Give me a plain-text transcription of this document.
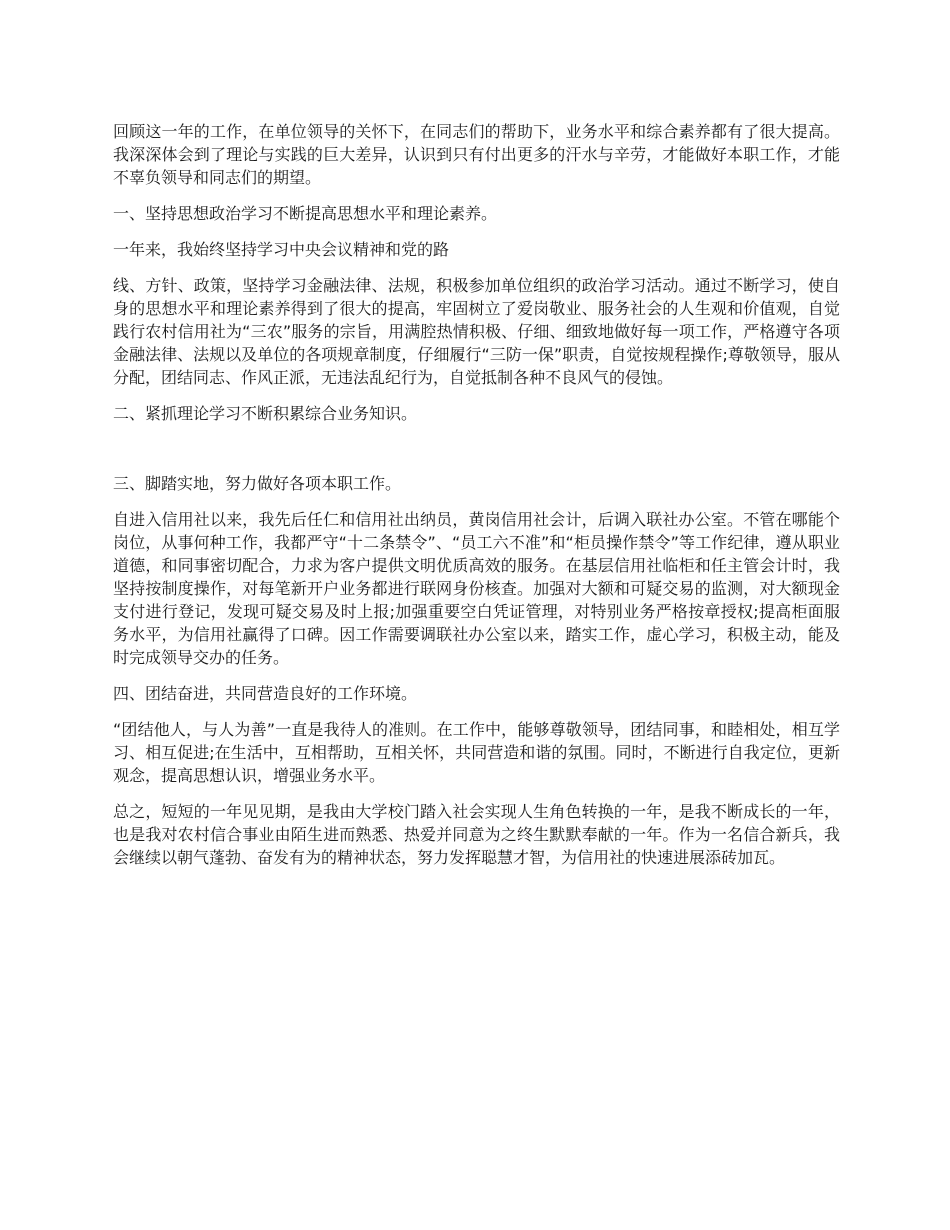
回顾这一年的工作，在单位领导的关怀下，在同志们的帮助下，业务水平和综合素养都有了很大提高。我深深体会到了理论与实践的巨大差异，认识到只有付出更多的汗水与辛劳，才能做好本职工作，才能不辜负领导和同志们的期望。

一、坚持思想政治学习不断提高思想水平和理论素养。

一年来，我始终坚持学习中央会议精神和党的路

线、方针、政策，坚持学习金融法律、法规，积极参加单位组织的政治学习活动。通过不断学习，使自身的思想水平和理论素养得到了很大的提高，牢固树立了爱岗敬业、服务社会的人生观和价值观，自觉践行农村信用社为“三农”服务的宗旨，用满腔热情积极、仔细、细致地做好每一项工作，严格遵守各项金融法律、法规以及单位的各项规章制度，仔细履行“三防一保”职责，自觉按规程操作;尊敬领导，服从分配，团结同志、作风正派，无违法乱纪行为，自觉抵制各种不良风气的侵蚀。

二、紧抓理论学习不断积累综合业务知识。

三、脚踏实地，努力做好各项本职工作。

自进入信用社以来，我先后任仁和信用社出纳员，黄岗信用社会计，后调入联社办公室。不管在哪能个岗位，从事何种工作，我都严守“十二条禁令”、“员工六不准”和“柜员操作禁令”等工作纪律，遵从职业道德，和同事密切配合，力求为客户提供文明优质高效的服务。在基层信用社临柜和任主管会计时，我坚持按制度操作，对每笔新开户业务都进行联网身份核查。加强对大额和可疑交易的监测，对大额现金支付进行登记，发现可疑交易及时上报;加强重要空白凭证管理，对特别业务严格按章授权;提高柜面服务水平，为信用社赢得了口碑。因工作需要调联社办公室以来，踏实工作，虚心学习，积极主动，能及时完成领导交办的任务。

四、团结奋进，共同营造良好的工作环境。

“团结他人，与人为善”一直是我待人的准则。在工作中，能够尊敬领导，团结同事，和睦相处，相互学习、相互促进;在生活中，互相帮助，互相关怀，共同营造和谐的氛围。同时，不断进行自我定位，更新观念，提高思想认识，增强业务水平。

总之，短短的一年见见期，是我由大学校门踏入社会实现人生角色转换的一年，是我不断成长的一年，也是我对农村信合事业由陌生进而熟悉、热爱并同意为之终生默默奉献的一年。作为一名信合新兵，我会继续以朝气蓬勃、奋发有为的精神状态，努力发挥聪慧才智，为信用社的快速进展添砖加瓦。
